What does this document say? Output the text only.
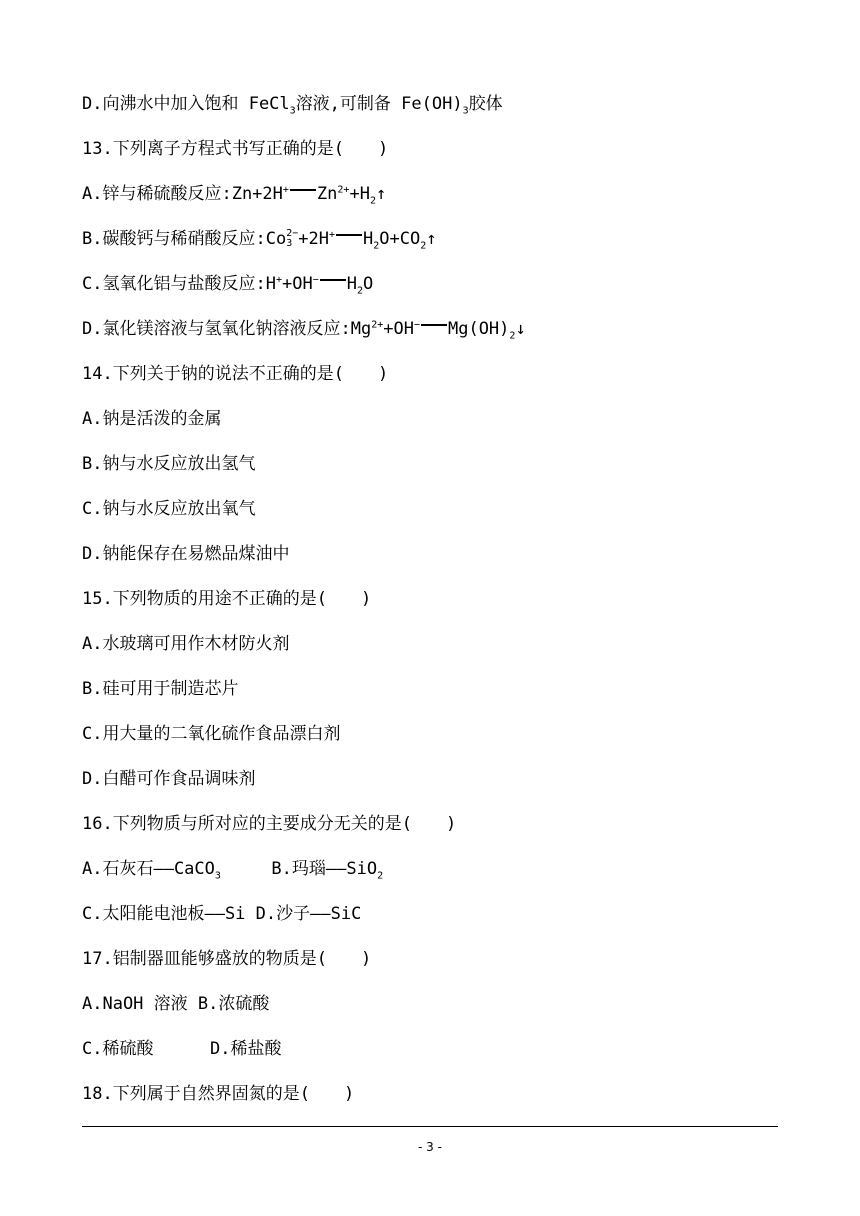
D.向沸水中加入饱和 FeCl$_3$溶液,可制备 $Fe(OH)_3$胶体
13.下列离子方程式书写正确的是(　　)
A.锌与稀硫酸反应:Zn+2H+ $Zn^{2+}+H_2↑$
B.碳酸钙与稀硝酸反应:Co 2−
3 +2H+ $H_2O+CO_2↑$
C.氢氧化铝与盐酸反应:H++OH− $H_2O$
D.氯化镁溶液与氢氧化钠溶液反应$:Mg^{2+}+OH^-$ $Mg(OH)_2↓$
14.下列关于钠的说法不正确的是(　　)
A.钠是活泼的金属
B.钠与水反应放出氢气
C.钠与水反应放出氧气
D.钠能保存在易燃品煤油中
15.下列物质的用途不正确的是(　　)
A.水玻璃可用作木材防火剂
B.硅可用于制造芯片
C.用大量的二氧化硫作食品漂白剂
D.白醋可作食品调味剂
16.下列物质与所对应的主要成分无关的是(　　)
A.石灰石——CaCO$_3$	B.玛瑙——SiO$_2$
C.太阳能电池板——Si D.沙子——SiC
17.铝制器皿能够盛放的物质是(　　)
A.NaOH 溶液 B.浓硫酸
C.稀硫酸	D.稀盐酸
18.下列属于自然界固氮的是(　　)
- 3 -
